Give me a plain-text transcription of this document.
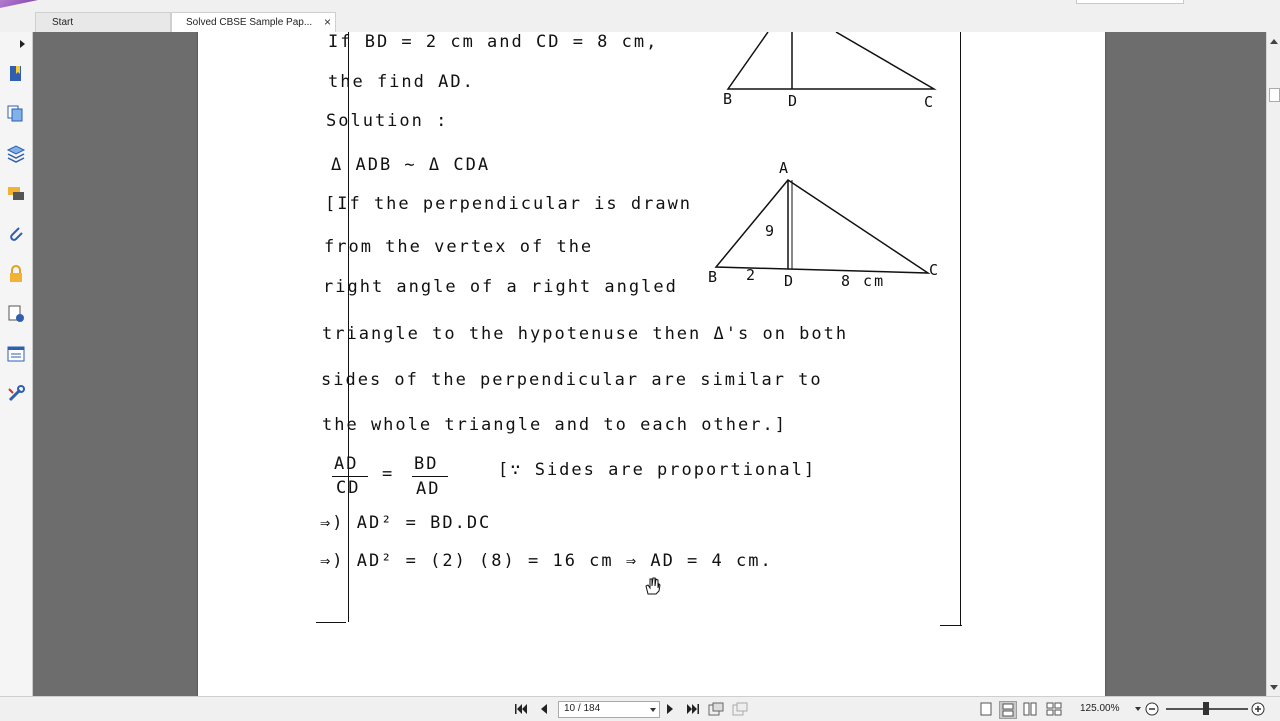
Start	Solved CBSE Sample Pap... ×
If BD = 2 cm and CD = 8 cm,
the find AD.
Solution :
Δ ADB ∼ Δ CDA
[If the perpendicular is drawn
from the vertex of the
right angle of a right angled
triangle to the hypotenuse then Δ's on both
sides of the perpendicular are similar to
the whole triangle and to each other.]
AD
CD
= BD
AD
[∵ Sides are proportional]
⇒) AD² = BD.DC
⇒) AD² = (2) (8) = 16 cm ⇒ AD = 4 cm.
B	D	C
A
9
B 2 D	8 cm
C
10 / 184	125.00%
